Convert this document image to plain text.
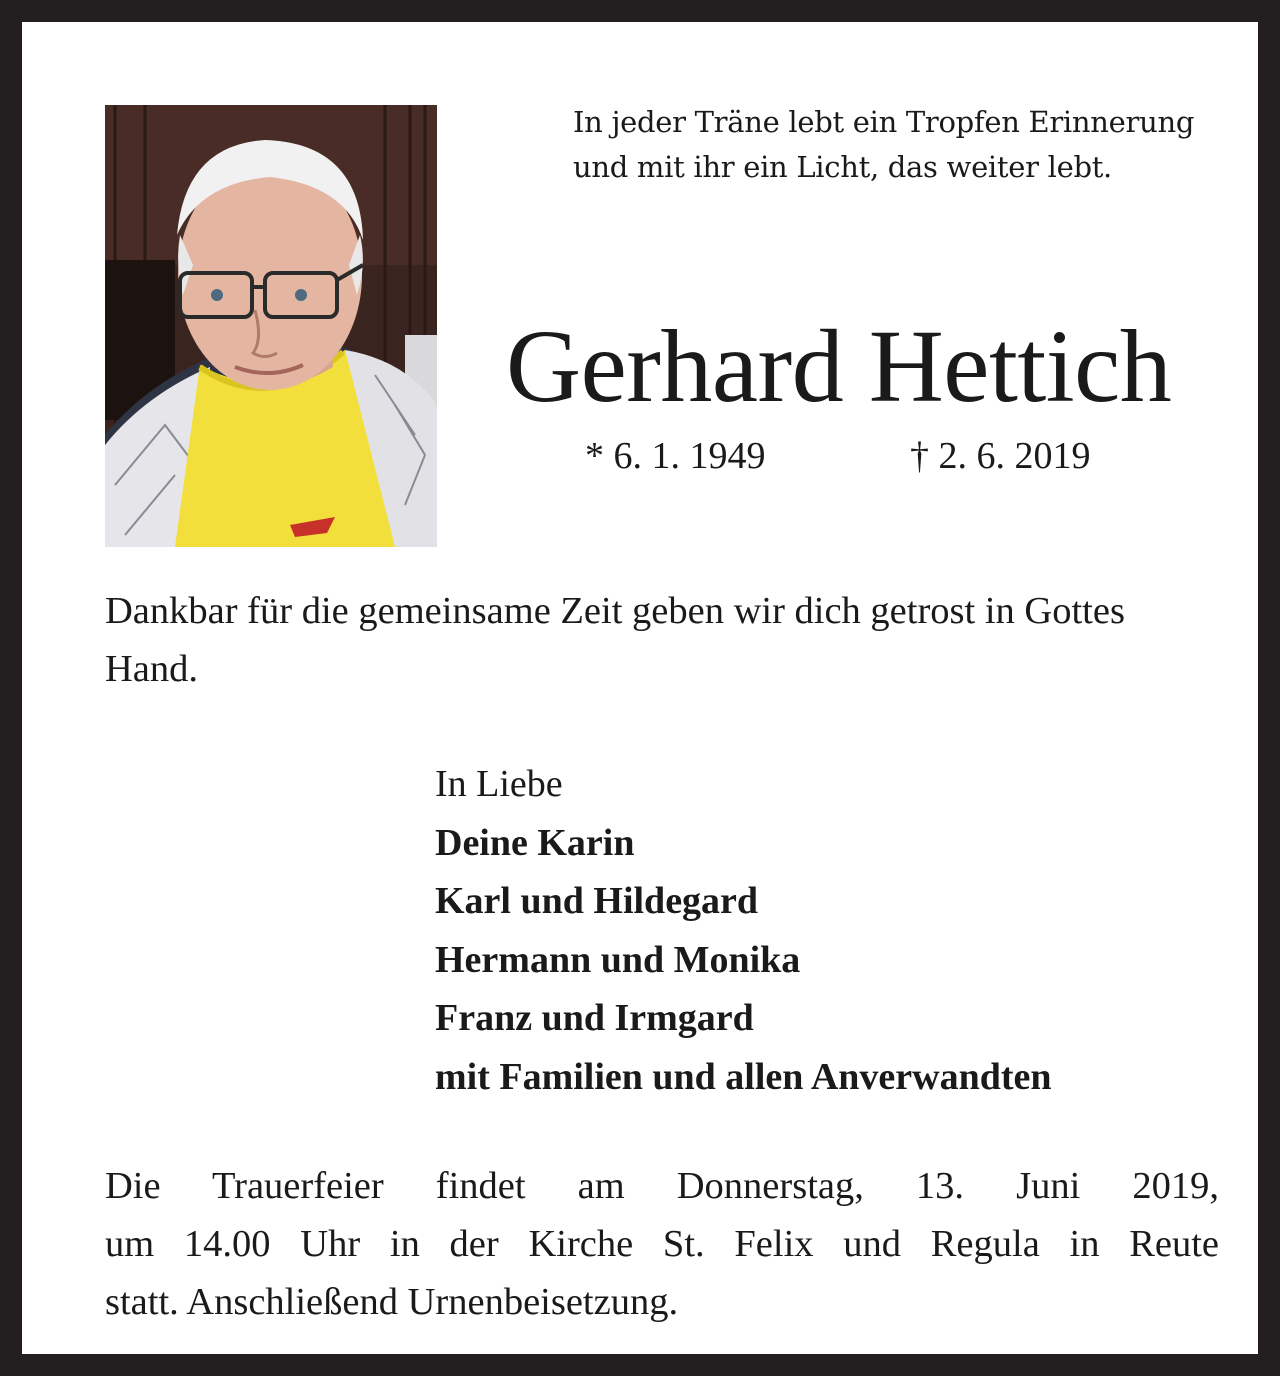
In jeder Träne lebt ein Tropfen Erinnerung
und mit ihr ein Licht, das weiter lebt.
Gerhard Hettich
* 6. 1. 1949	† 2. 6. 2019
Dankbar für die gemeinsame Zeit geben wir dich getrost in Gottes Hand.
In Liebe
Deine Karin
Karl und Hildegard
Hermann und Monika
Franz und Irmgard
mit Familien und allen Anverwandten
Die Trauerfeier findet am Donnerstag, 13. Juni 2019,
um 14.00 Uhr in der Kirche St. Felix und Regula in Reute
statt. Anschließend Urnenbeisetzung.
